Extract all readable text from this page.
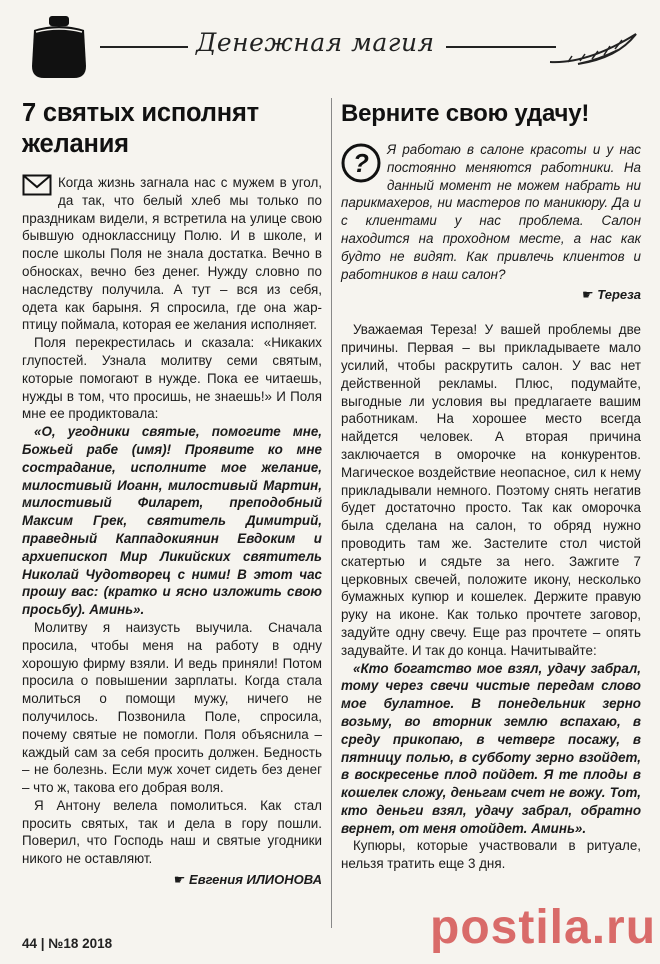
Денежная магия
7 святых исполнят желания

Когда жизнь загнала нас с мужем в угол, да так, что белый хлеб мы только по праздникам видели, я встретила на улице свою бывшую одноклассницу Полю. И в школе, и после школы Поля не знала достатка. Вечно в обносках, вечно без денег. Нужду словно по наследству получила. А тут – вся из себя, одета как барыня. Я спросила, где она жар-птицу поймала, которая ее желания исполняет.

Поля перекрестилась и сказала: «Никаких глупостей. Узнала молитву семи святым, которые помогают в нужде. Пока ее читаешь, нужды в том, что просишь, не знаешь!» И Поля мне ее продиктовала:

«О, угодники святые, помогите мне, Божьей рабе (имя)! Проявите ко мне сострадание, исполните мое желание, милостивый Иоанн, милостивый Мартин, милостивый Филарет, преподобный Максим Грек, святитель Димитрий, праведный Каппадокиянин Евдоким и архиепископ Мир Ликийских святитель Николай Чудотворец с ними! В этот час прошу вас: (кратко и ясно изложить свою просьбу). Аминь».

Молитву я наизусть выучила. Сначала просила, чтобы меня на работу в одну хорошую фирму взяли. И ведь приняли! Потом просила о повышении зарплаты. Когда стала молиться о помощи мужу, ничего не получилось. Позвонила Поле, спросила, почему святые не помогли. Поля объяснила – каждый сам за себя просить должен. Бедность – не болезнь. Если муж хочет сидеть без денег – что ж, такова его добрая воля.

Я Антону велела помолиться. Как стал просить святых, так и дела в гору пошли. Поверил, что Господь наш и святые угодники никого не оставляют.

☛ Евгения ИЛИОНОВА
Верните свою удачу!

? Я работаю в салоне красоты и у нас постоянно меняются работники. На данный момент не можем набрать ни парикмахеров, ни мастеров по маникюру. Да и с клиентами у нас проблема. Салон находится на проходном месте, а нас как будто не видят. Как привлечь клиентов и работников в наш салон?

☛ Тереза

Уважаемая Тереза! У вашей проблемы две причины. Первая – вы прикладываете мало усилий, чтобы раскрутить салон. У вас нет действенной рекламы. Плюс, подумайте, выгодные ли условия вы предлагаете вашим работникам. На хорошее место всегда найдется человек. А вторая причина заключается в оморочке на конкурентов. Магическое воздействие неопасное, сил к нему прикладывали немного. Поэтому снять негатив будет достаточно просто. Так как оморочка была сделана на салон, то обряд нужно проводить там же. Застелите стол чистой скатертью и сядьте за него. Зажгите 7 церковных свечей, положите икону, несколько бумажных купюр и кошелек. Держите правую руку на иконе. Как только прочтете заговор, задуйте одну свечу. Еще раз прочтете – опять задувайте. И так до конца. Начитывайте:

«Кто богатство мое взял, удачу забрал, тому через свечи чистые передам слово мое булатное. В понедельник зерно возьму, во вторник землю вспахаю, в среду прикопаю, в четверг посажу, в пятницу полью, в субботу зерно взойдет, в воскресенье плод пойдет. Я те плоды в кошелек сложу, деньгам счет не вожу. Тот, кто деньги взял, удачу забрал, обратно вернет, от меня отойдет. Аминь».

Купюры, которые участвовали в ритуале, нельзя тратить еще 3 дня.

44 | №18 2018	postila.ru
